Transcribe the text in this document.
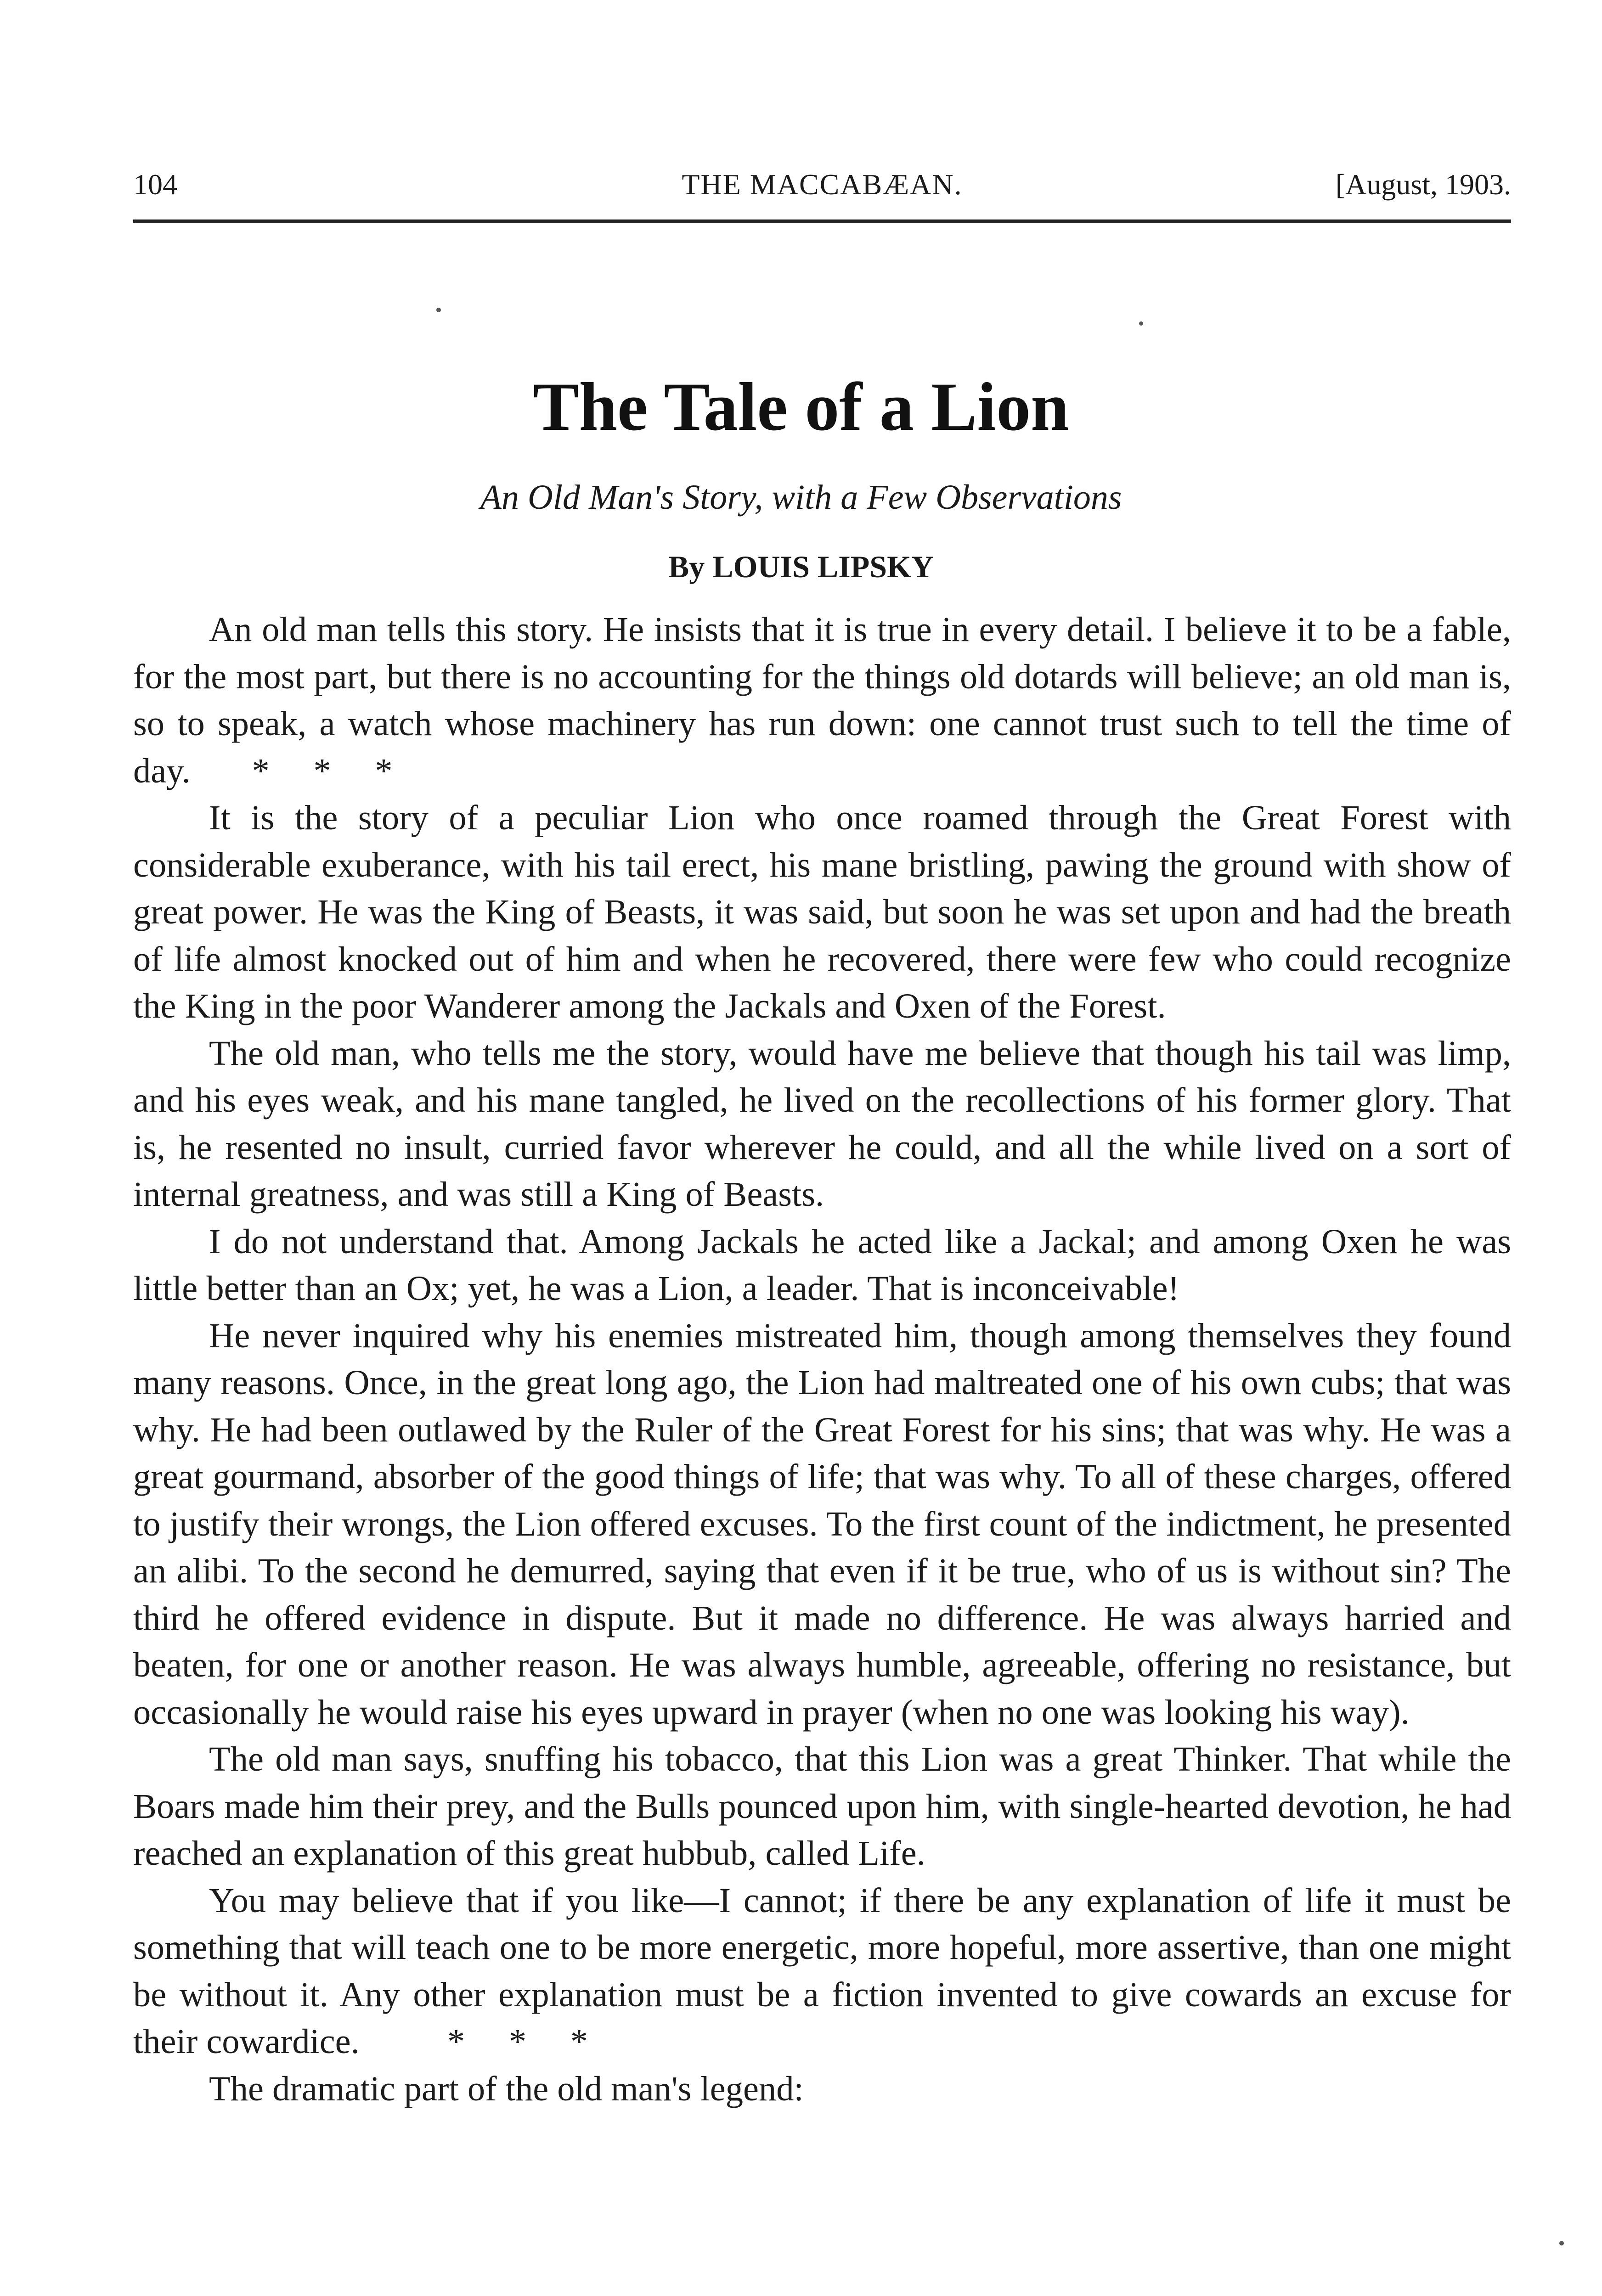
104	THE MACCABÆAN.	[August, 1903.
The Tale of a Lion
An Old Man's Story, with a Few Observations
By LOUIS LIPSKY

An old man tells this story. He insists that it is true in every detail. I believe it to be a fable, for the most part, but there is no accounting for the things old dotards will believe; an old man is, so to speak, a watch whose machinery has run down: one cannot trust such to tell the time of day. *     *     *

It is the story of a peculiar Lion who once roamed through the Great Forest with considerable exuberance, with his tail erect, his mane bristling, pawing the ground with show of great power. He was the King of Beasts, it was said, but soon he was set upon and had the breath of life almost knocked out of him and when he recovered, there were few who could recognize the King in the poor Wanderer among the Jackals and Oxen of the Forest.

The old man, who tells me the story, would have me believe that though his tail was limp, and his eyes weak, and his mane tangled, he lived on the recollections of his former glory. That is, he resented no insult, curried favor wherever he could, and all the while lived on a sort of internal greatness, and was still a King of Beasts.

I do not understand that. Among Jackals he acted like a Jackal; and among Oxen he was little better than an Ox; yet, he was a Lion, a leader. That is inconceivable!

He never inquired why his enemies mistreated him, though among themselves they found many reasons. Once, in the great long ago, the Lion had maltreated one of his own cubs; that was why. He had been outlawed by the Ruler of the Great Forest for his sins; that was why. He was a great gourmand, absorber of the good things of life; that was why. To all of these charges, offered to justify their wrongs, the Lion offered excuses. To the first count of the indictment, he presented an alibi. To the second he demurred, saying that even if it be true, who of us is without sin? The third he offered evidence in dispute. But it made no difference. He was always harried and beaten, for one or another reason. He was always humble, agreeable, offering no resistance, but occasionally he would raise his eyes upward in prayer (when no one was looking his way).

The old man says, snuffing his tobacco, that this Lion was a great Thinker. That while the Boars made him their prey, and the Bulls pounced upon him, with single-hearted devotion, he had reached an explanation of this great hubbub, called Life.

You may believe that if you like—I cannot; if there be any explanation of life it must be something that will teach one to be more energetic, more hopeful, more assertive, than one might be without it. Any other explanation must be a fiction invented to give cowards an excuse for their cowardice.	*     *     *

The dramatic part of the old man's legend:
